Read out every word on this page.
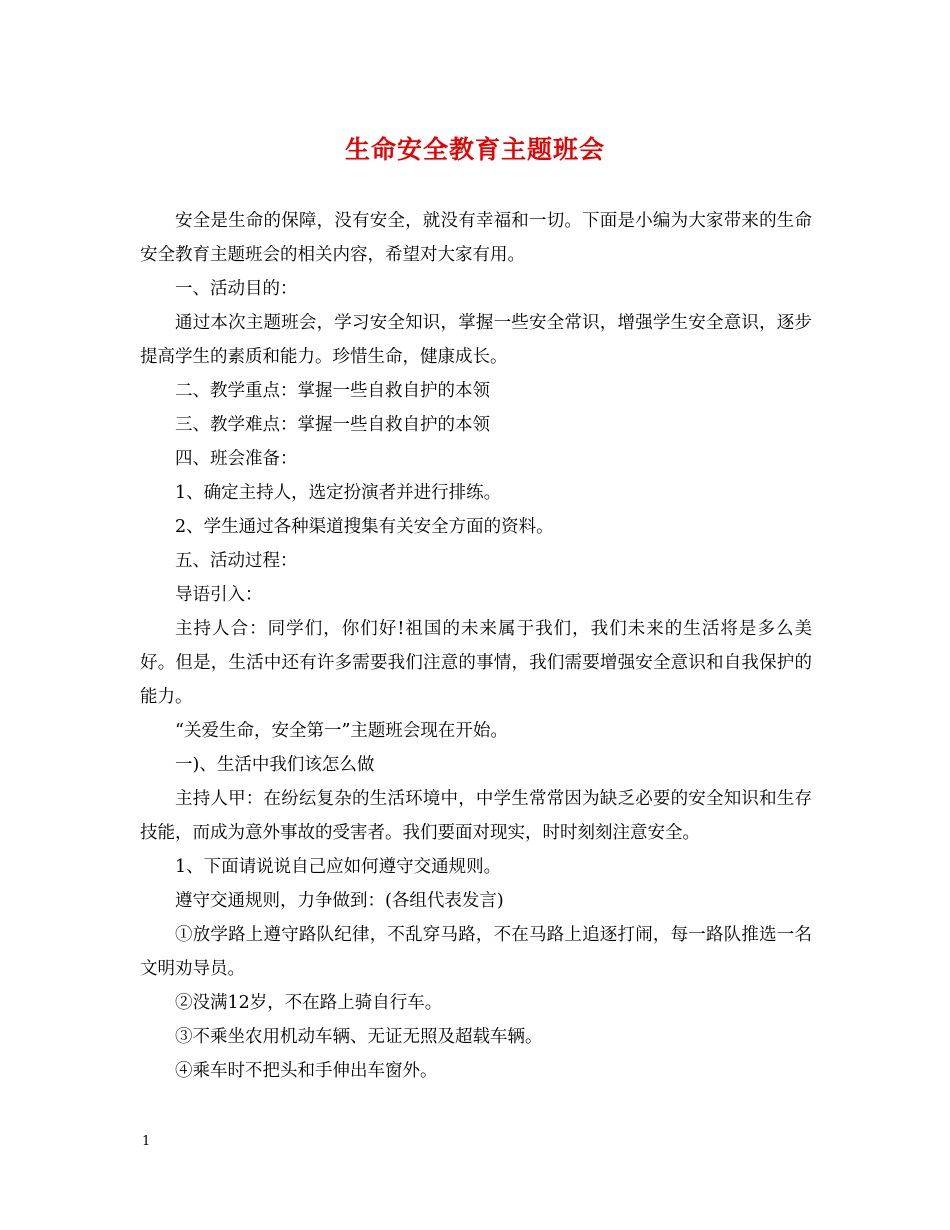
生命安全教育主题班会

安全是生命的保障，没有安全，就没有幸福和一切。下面是小编为大家带来的生命安全教育主题班会的相关内容，希望对大家有用。

一、活动目的：

通过本次主题班会，学习安全知识，掌握一些安全常识，增强学生安全意识，逐步提高学生的素质和能力。珍惜生命，健康成长。

二、教学重点：掌握一些自救自护的本领

三、教学难点：掌握一些自救自护的本领

四、班会准备：

1、确定主持人，选定扮演者并进行排练。

2、学生通过各种渠道搜集有关安全方面的资料。

五、活动过程：

导语引入：

主持人合：同学们，你们好!祖国的未来属于我们，我们未来的生活将是多么美好。但是，生活中还有许多需要我们注意的事情，我们需要增强安全意识和自我保护的能力。

“关爱生命，安全第一”主题班会现在开始。

一)、生活中我们该怎么做

主持人甲：在纷纭复杂的生活环境中，中学生常常因为缺乏必要的安全知识和生存技能，而成为意外事故的受害者。我们要面对现实，时时刻刻注意安全。

1、下面请说说自己应如何遵守交通规则。

遵守交通规则，力争做到：(各组代表发言)

①放学路上遵守路队纪律，不乱穿马路，不在马路上追逐打闹，每一路队推选一名文明劝导员。

②没满12岁，不在路上骑自行车。

③不乘坐农用机动车辆、无证无照及超载车辆。

④乘车时不把头和手伸出车窗外。

1
